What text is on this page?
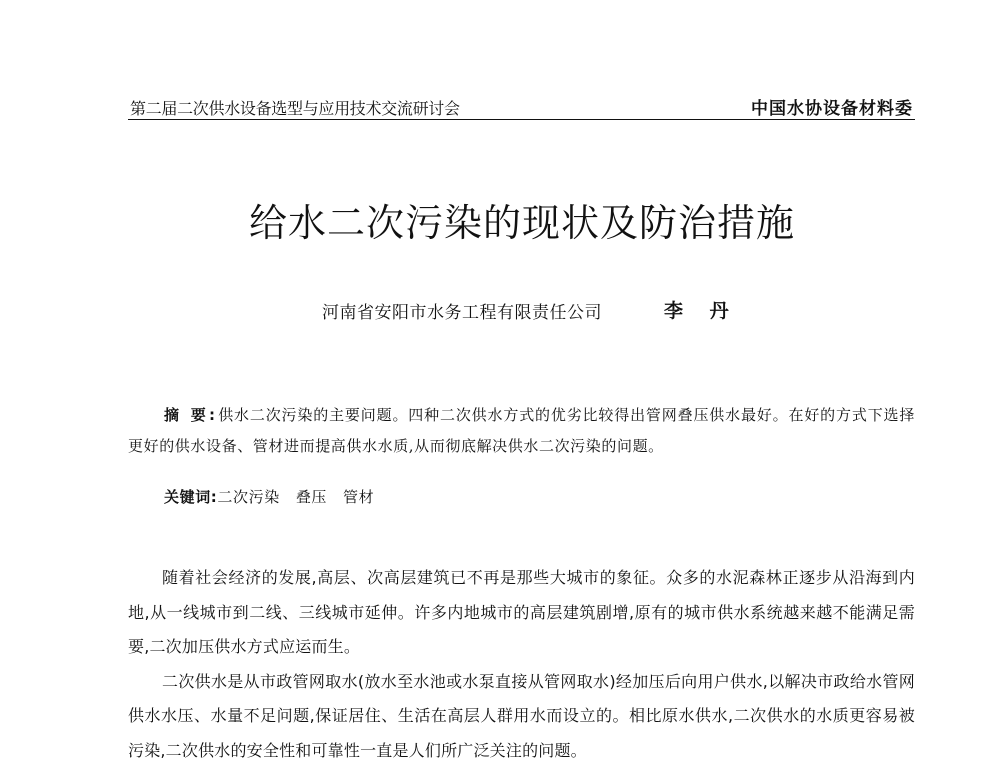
第二届二次供水设备选型与应用技术交流研讨会	中国水协设备材料委
给水二次污染的现状及防治措施
河南省安阳市水务工程有限责任公司	李 丹
摘 要:供水二次污染的主要问题。四种二次供水方式的优劣比较得出管网叠压供水最好。在好的方式下选择更好的供水设备、管材进而提高供水水质,从而彻底解决供水二次污染的问题。
关键词:二次污染 叠压 管材

随着社会经济的发展,高层、次高层建筑已不再是那些大城市的象征。众多的水泥森林正逐步从沿海到内地,从一线城市到二线、三线城市延伸。许多内地城市的高层建筑剧增,原有的城市供水系统越来越不能满足需要,二次加压供水方式应运而生。

二次供水是从市政管网取水(放水至水池或水泵直接从管网取水)经加压后向用户供水,以解决市政给水管网供水水压、水量不足问题,保证居住、生活在高层人群用水而设立的。相比原水供水,二次供水的水质更容易被污染,二次供水的安全性和可靠性一直是人们所广泛关注的问题。
